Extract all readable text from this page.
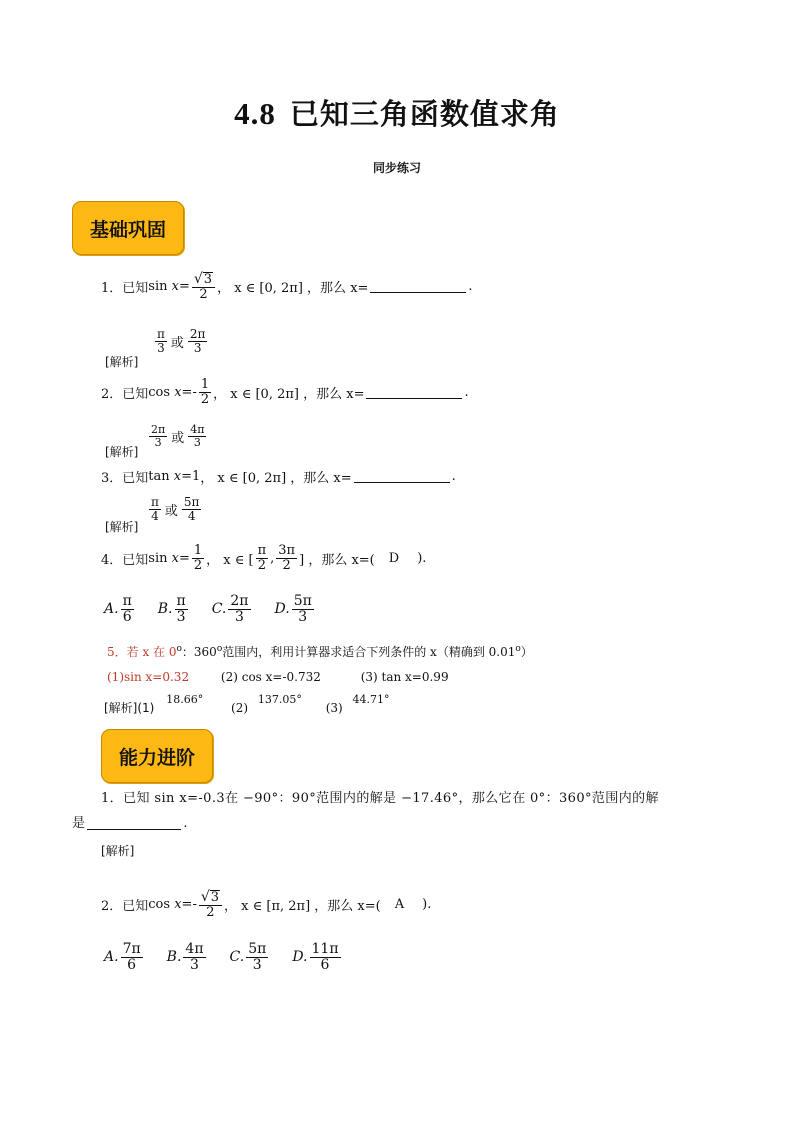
4.8 已知三角函数值求角
同步练习
基础巩固
1．已知 sin
$x = \frac{√ 3}{2}$ ， x ∈ [0, 2π] ，那么 x=	.
[解析]
$\frac{\pi}{3}$ 或 $\frac{2\pi}{3}$
2．已知 cos
$x =- \frac{1}{2}$ ， x ∈ [0, 2π] ，那么 x=	.
[解析]
$\frac{2\pi}{3}$ 或 $\frac{4\pi}{3}$
3．已知 tan
x =1 ， x ∈ [0, 2π] ，那么 x=	.
[解析]
$\frac{\pi}{4}$ 或 $\frac{5\pi}{4}$
4．已知 sin
$x = \frac{1}{2}$ ， x ∈ [ $\frac{\pi}{2}$ , $\frac{3\pi}{2}$ ] ，那么 x=( D ).
A. $\frac{\pi}{6} B$. $\frac{\pi}{3} C$. $\frac{2\pi}{3} D$. $\frac{5\pi}{3}$
5．若 x 在 0$^o$：360$^o$范围内，利用计算器求适合下列条件的 x（精确到 0.01$^o$）
(1)sin x=0.32	(2) cos x=-0.732	(3) tan x=0.99
[解析](1) 18.66° (2) 137.05° (3) 44.71°
能力进阶
1．已知 sin x=-0.3在 −90°：90°范围内的解是 −17.46°，那么它在 0°：360°范围内的解
是	.
[解析]
2．已知 cos
$x =- \frac{√ 3}{2}$ ， x ∈ [π, 2π] ，那么 x=( A ).
A. $\frac{7\pi}{6} B$. $\frac{4\pi}{3} C$. $\frac{5\pi}{3} D$. $\frac{11\pi}{6}$
